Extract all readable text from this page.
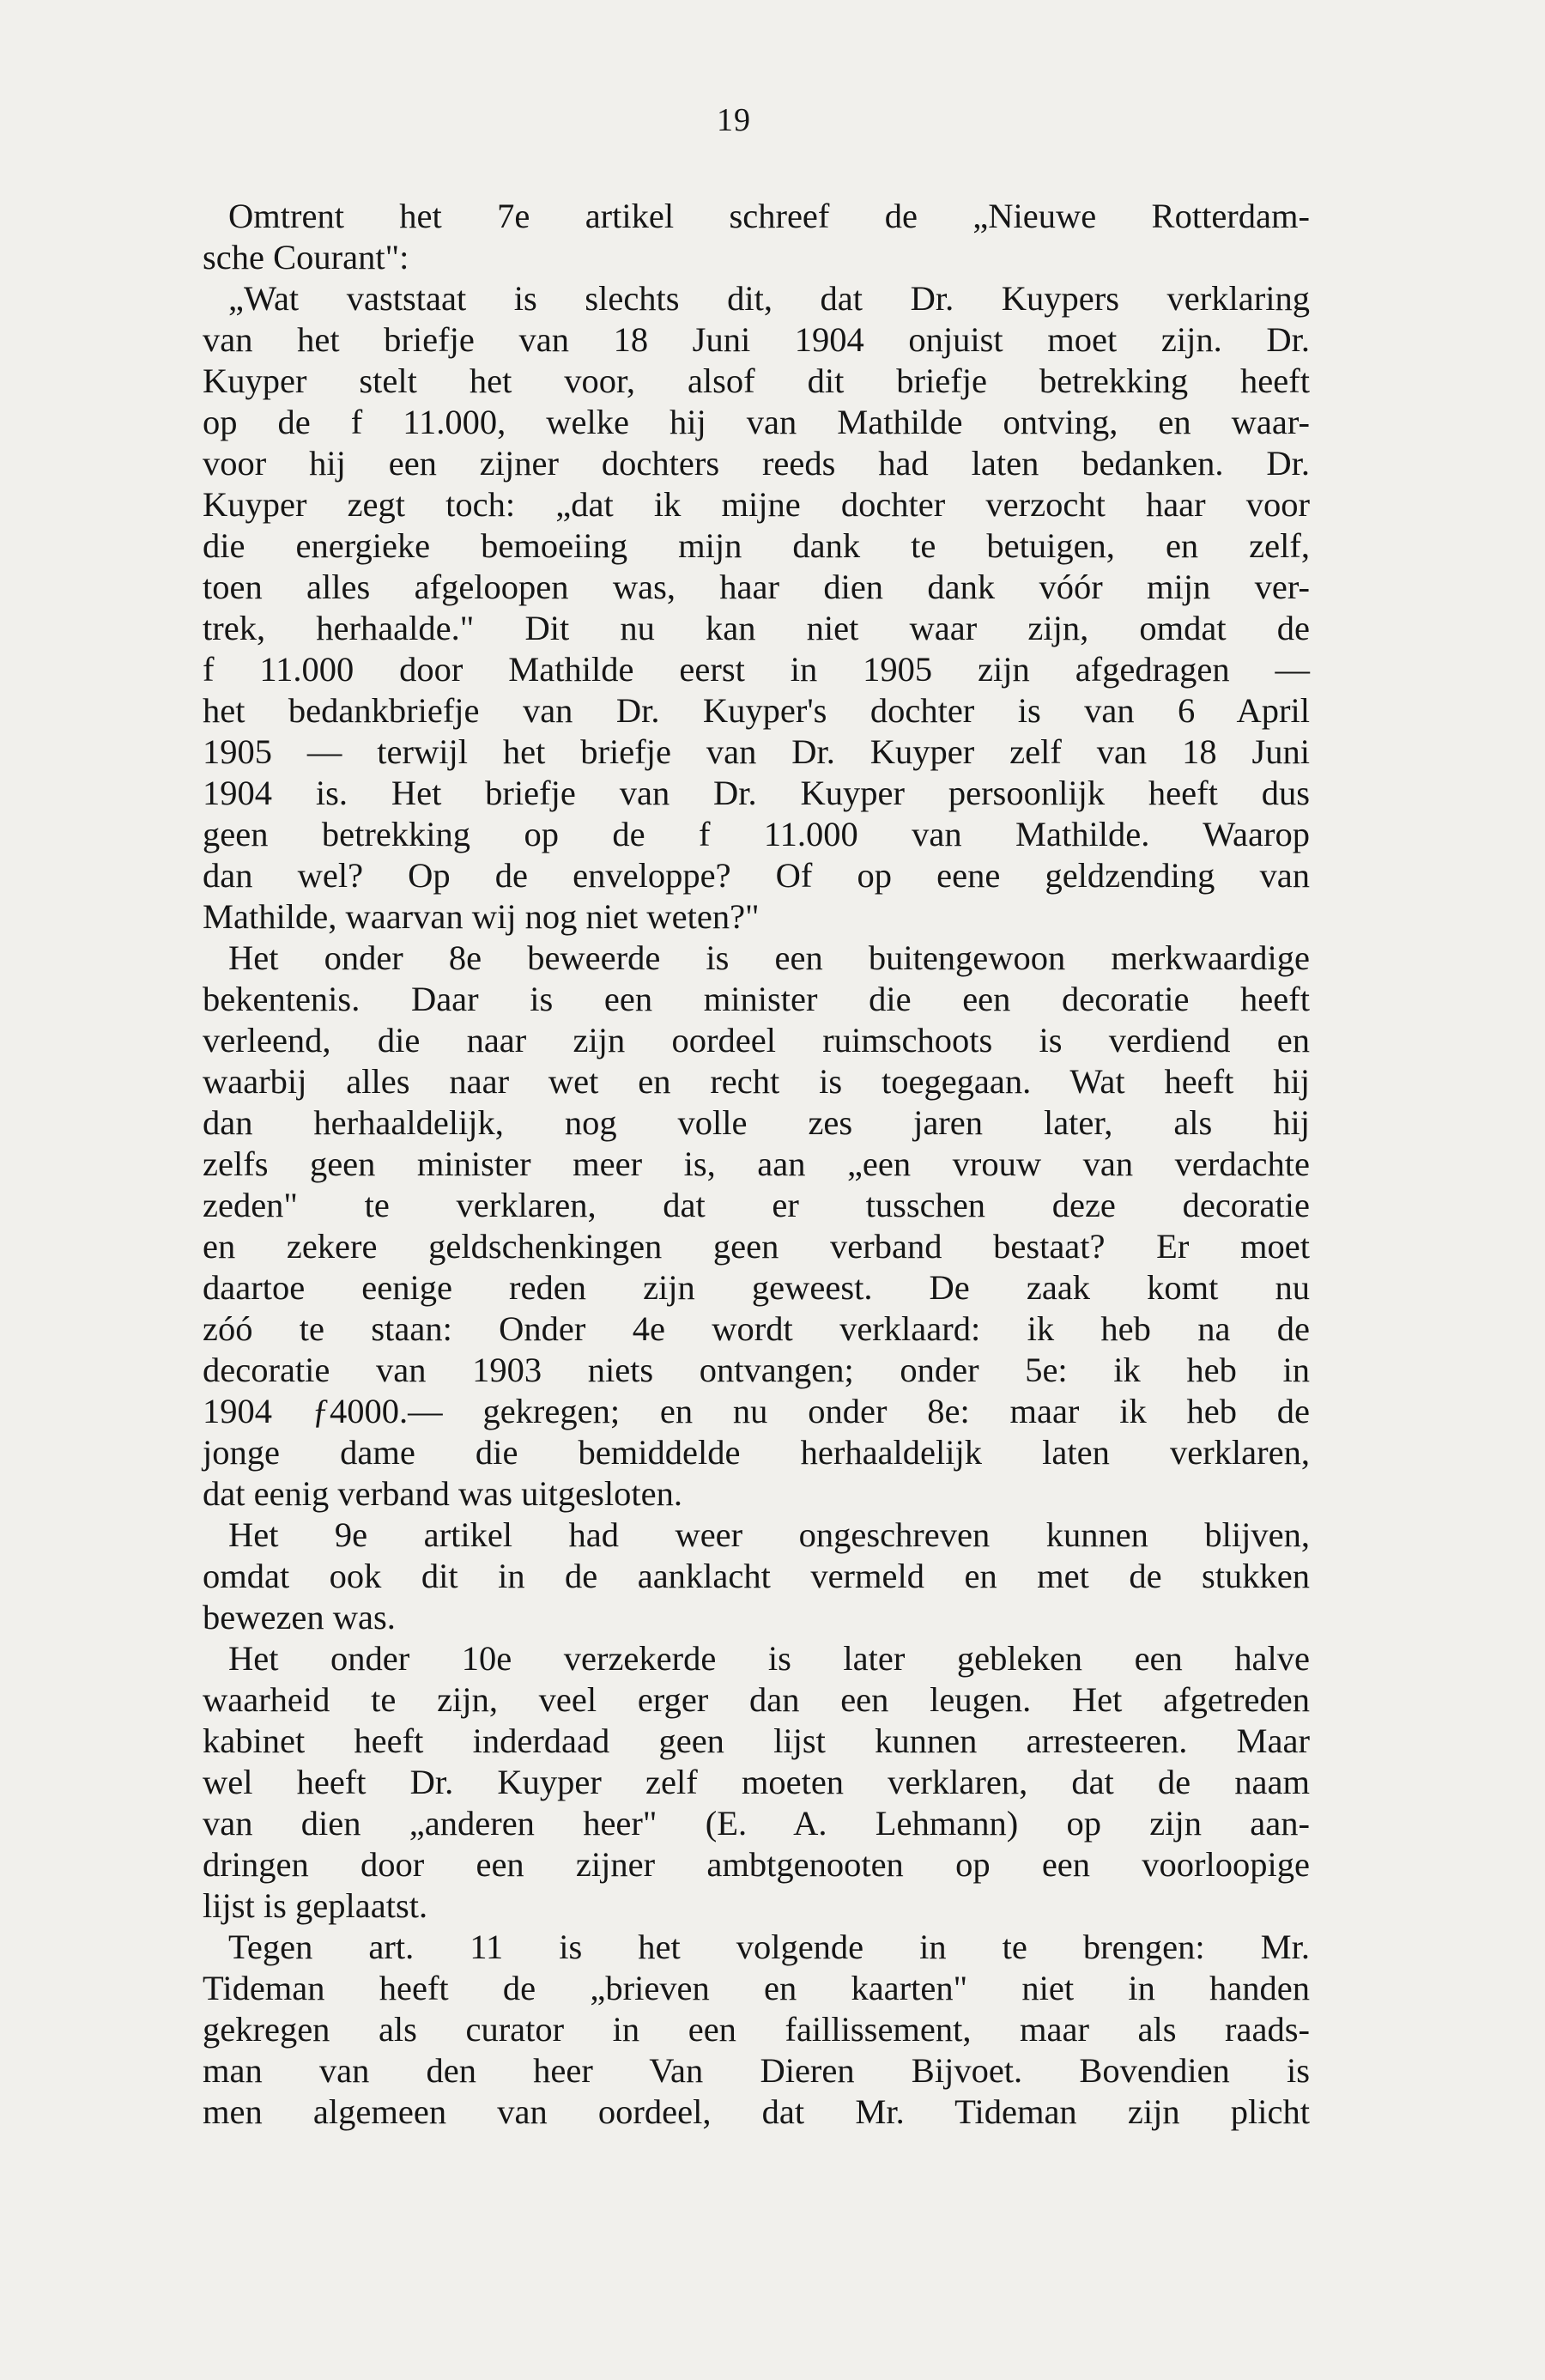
19
Omtrent het 7e artikel schreef de „Nieuwe Rotterdam-
sche Courant":
„Wat vaststaat is slechts dit, dat Dr. Kuypers verklaring
van het briefje van 18 Juni 1904 onjuist moet zijn. Dr.
Kuyper stelt het voor, alsof dit briefje betrekking heeft
op de f 11.000, welke hij van Mathilde ontving, en waar-
voor hij een zijner dochters reeds had laten bedanken. Dr.
Kuyper zegt toch: „dat ik mijne dochter verzocht haar voor
die energieke bemoeiing mijn dank te betuigen, en zelf,
toen alles afgeloopen was, haar dien dank vóór mijn ver-
trek, herhaalde." Dit nu kan niet waar zijn, omdat de
f 11.000 door Mathilde eerst in 1905 zijn afgedragen —
het bedankbriefje van Dr. Kuyper's dochter is van 6 April
1905 — terwijl het briefje van Dr. Kuyper zelf van 18 Juni
1904 is. Het briefje van Dr. Kuyper persoonlijk heeft dus
geen betrekking op de f 11.000 van Mathilde. Waarop
dan wel? Op de enveloppe? Of op eene geldzending van
Mathilde, waarvan wij nog niet weten?"
Het onder 8e beweerde is een buitengewoon merkwaardige
bekentenis. Daar is een minister die een decoratie heeft
verleend, die naar zijn oordeel ruimschoots is verdiend en
waarbij alles naar wet en recht is toegegaan. Wat heeft hij
dan herhaaldelijk, nog volle zes jaren later, als hij
zelfs geen minister meer is, aan „een vrouw van verdachte
zeden" te verklaren, dat er tusschen deze decoratie
en zekere geldschenkingen geen verband bestaat? Er moet
daartoe eenige reden zijn geweest. De zaak komt nu
zóó te staan: Onder 4e wordt verklaard: ik heb na de
decoratie van 1903 niets ontvangen; onder 5e: ik heb in
1904 ƒ4000.— gekregen; en nu onder 8e: maar ik heb de
jonge dame die bemiddelde herhaaldelijk laten verklaren,
dat eenig verband was uitgesloten.
Het 9e artikel had weer ongeschreven kunnen blijven,
omdat ook dit in de aanklacht vermeld en met de stukken
bewezen was.
Het onder 10e verzekerde is later gebleken een halve
waarheid te zijn, veel erger dan een leugen. Het afgetreden
kabinet heeft inderdaad geen lijst kunnen arresteeren. Maar
wel heeft Dr. Kuyper zelf moeten verklaren, dat de naam
van dien „anderen heer" (E. A. Lehmann) op zijn aan-
dringen door een zijner ambtgenooten op een voorloopige
lijst is geplaatst.
Tegen art. 11 is het volgende in te brengen: Mr.
Tideman heeft de „brieven en kaarten" niet in handen
gekregen als curator in een faillissement, maar als raads-
man van den heer Van Dieren Bijvoet. Bovendien is
men algemeen van oordeel, dat Mr. Tideman zijn plicht
